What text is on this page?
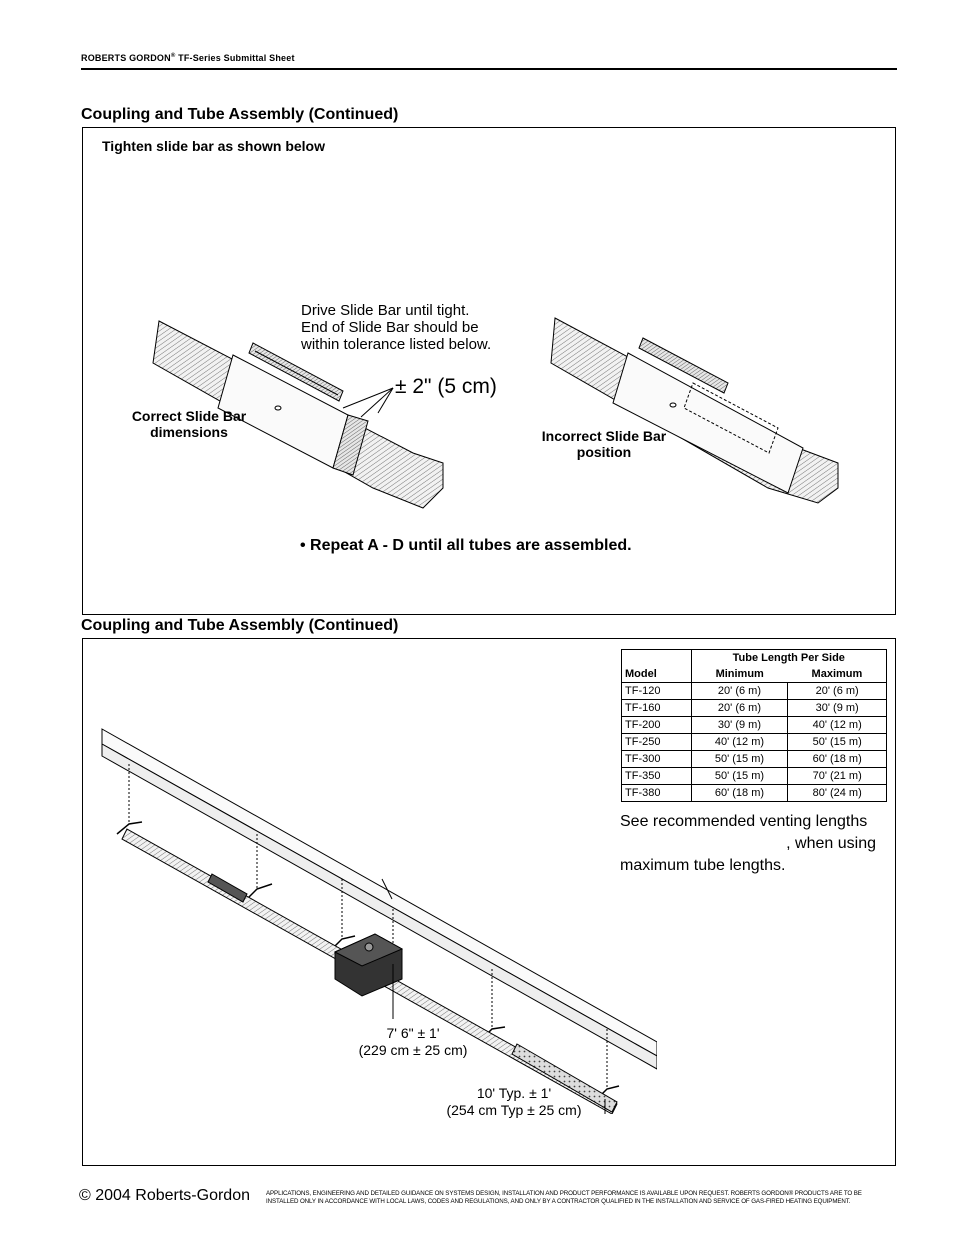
ROBERTS GORDON® TF-Series Submittal Sheet
Coupling and Tube Assembly (Continued)
Tighten slide bar as shown below
Correct Slide Bar
dimensions
Drive Slide Bar until tight.
End of Slide Bar should be
within tolerance listed below.
± 2" (5 cm)
Incorrect Slide Bar
position
• Repeat A - D until all tubes are assembled.
Coupling and Tube Assembly (Continued)
7' 6" ± 1'
(229 cm ± 25 cm)
10' Typ. ± 1'
(254 cm Typ ± 25 cm)
	Tube Length Per Side	
Model	Minimum	Maximum
TF-120	20' (6 m)	20' (6 m)
TF-160	20' (6 m)	30' (9 m)
TF-200	30' (9 m)	40' (12 m)
TF-250	40' (12 m)	50' (15 m)
TF-300	50' (15 m)	60' (18 m)
TF-350	50' (15 m)	70' (21 m)
TF-380	60' (18 m)	80' (24 m)
See recommended venting lengths
, when using
maximum tube lengths.
© 2004 Roberts-Gordon	APPLICATIONS, ENGINEERING AND DETAILED GUIDANCE ON SYSTEMS DESIGN, INSTALLATION AND PRODUCT PERFORMANCE IS AVAILABLE UPON REQUEST. ROBERTS GORDON® PRODUCTS ARE TO BE
INSTALLED ONLY IN ACCORDANCE WITH LOCAL LAWS, CODES AND REGULATIONS, AND ONLY BY A CONTRACTOR QUALIFIED IN THE INSTALLATION AND SERVICE OF GAS-FIRED HEATING EQUIPMENT.
